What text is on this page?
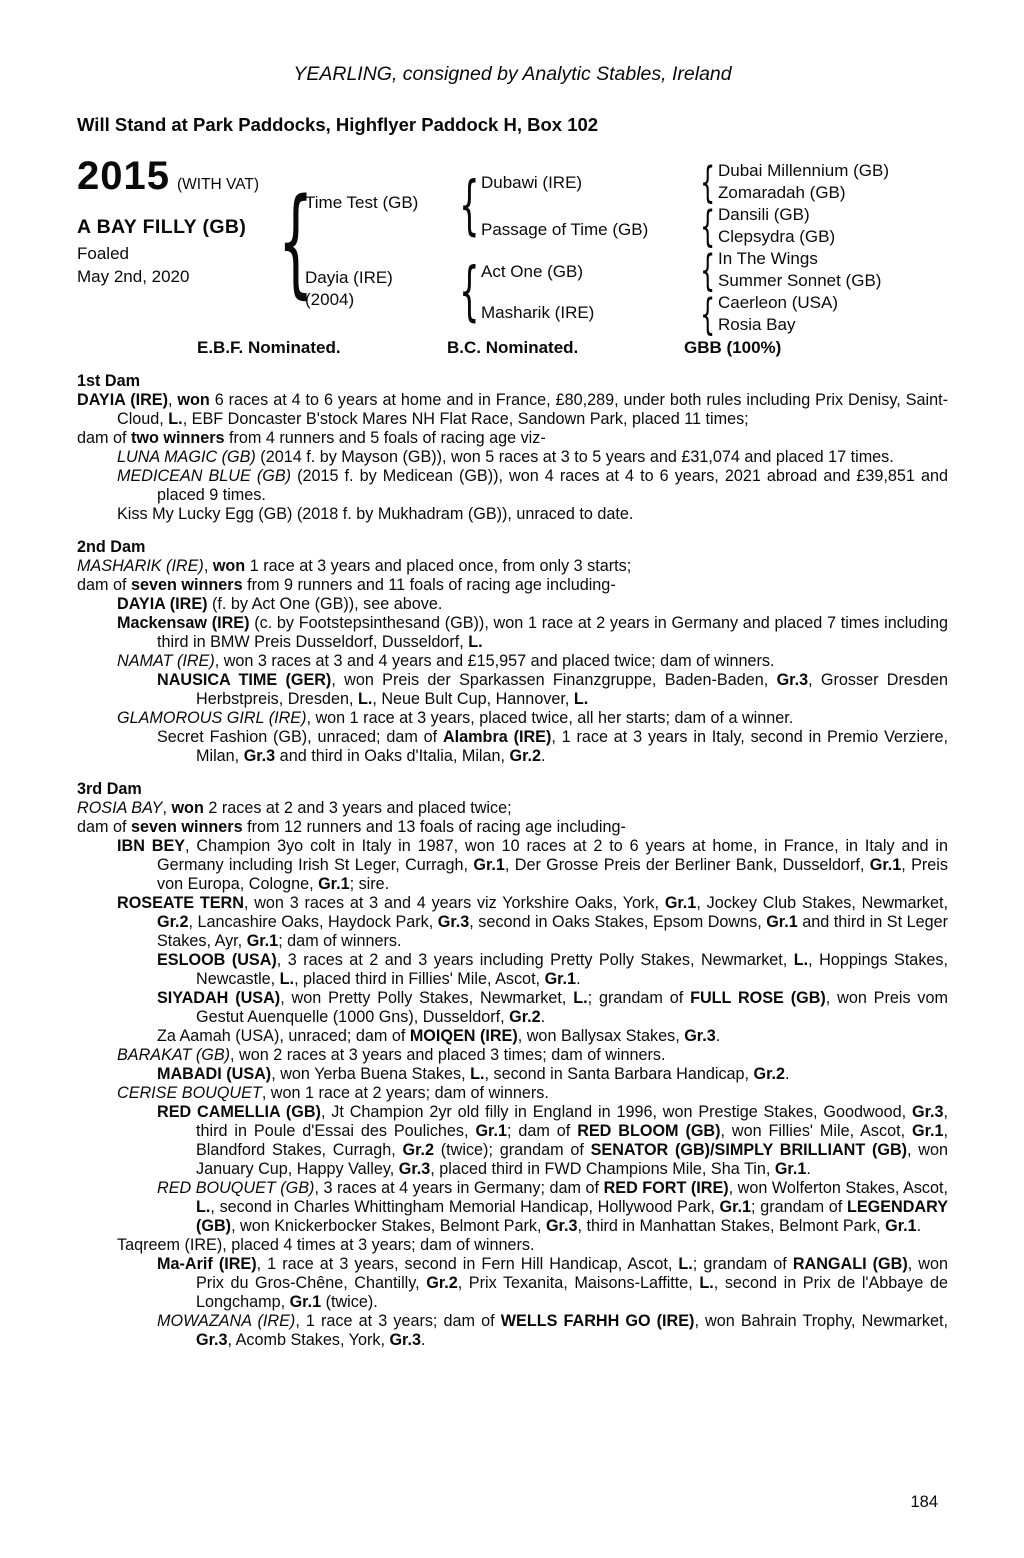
YEARLING, consigned by Analytic Stables, Ireland
Will Stand at Park Paddocks, Highflyer Paddock H, Box 102
2015 (WITH VAT)
A BAY FILLY (GB)
Foaled
May 2nd, 2020 {
Time Test (GB)
Dayia (IRE)
(2004)
{
{
Dubawi (IRE)
Passage of Time (GB)
Act One (GB)
Masharik (IRE)
{
{
{
{
Dubai Millennium (GB)
Zomaradah (GB)
Dansili (GB)
Clepsydra (GB)
In The Wings
Summer Sonnet (GB)
Caerleon (USA)
Rosia Bay
E.B.F. Nominated.	B.C. Nominated.	GBB (100%)
1st Dam
DAYIA (IRE), won 6 races at 4 to 6 years at home and in France, £80,289, under both rules including Prix Denisy, Saint-Cloud, L., EBF Doncaster B'stock Mares NH Flat Race, Sandown Park, placed 11 times;
dam of two winners from 4 runners and 5 foals of racing age viz-
LUNA MAGIC (GB) (2014 f. by Mayson (GB)), won 5 races at 3 to 5 years and £31,074 and placed 17 times.
MEDICEAN BLUE (GB) (2015 f. by Medicean (GB)), won 4 races at 4 to 6 years, 2021 abroad and £39,851 and placed 9 times.
Kiss My Lucky Egg (GB) (2018 f. by Mukhadram (GB)), unraced to date.
2nd Dam
MASHARIK (IRE), won 1 race at 3 years and placed once, from only 3 starts;
dam of seven winners from 9 runners and 11 foals of racing age including-
DAYIA (IRE) (f. by Act One (GB)), see above.
Mackensaw (IRE) (c. by Footstepsinthesand (GB)), won 1 race at 2 years in Germany and placed 7 times including third in BMW Preis Dusseldorf, Dusseldorf, L.
NAMAT (IRE), won 3 races at 3 and 4 years and £15,957 and placed twice; dam of winners.
NAUSICA TIME (GER), won Preis der Sparkassen Finanzgruppe, Baden-Baden, Gr.3, Grosser Dresden Herbstpreis, Dresden, L., Neue Bult Cup, Hannover, L.
GLAMOROUS GIRL (IRE), won 1 race at 3 years, placed twice, all her starts; dam of a winner.
Secret Fashion (GB), unraced; dam of Alambra (IRE), 1 race at 3 years in Italy, second in Premio Verziere, Milan, Gr.3 and third in Oaks d'Italia, Milan, Gr.2.
3rd Dam
ROSIA BAY, won 2 races at 2 and 3 years and placed twice;
dam of seven winners from 12 runners and 13 foals of racing age including-
IBN BEY, Champion 3yo colt in Italy in 1987, won 10 races at 2 to 6 years at home, in France, in Italy and in Germany including Irish St Leger, Curragh, Gr.1, Der Grosse Preis der Berliner Bank, Dusseldorf, Gr.1, Preis von Europa, Cologne, Gr.1; sire.
ROSEATE TERN, won 3 races at 3 and 4 years viz Yorkshire Oaks, York, Gr.1, Jockey Club Stakes, Newmarket, Gr.2, Lancashire Oaks, Haydock Park, Gr.3, second in Oaks Stakes, Epsom Downs, Gr.1 and third in St Leger Stakes, Ayr, Gr.1; dam of winners.
ESLOOB (USA), 3 races at 2 and 3 years including Pretty Polly Stakes, Newmarket, L., Hoppings Stakes, Newcastle, L., placed third in Fillies' Mile, Ascot, Gr.1.
SIYADAH (USA), won Pretty Polly Stakes, Newmarket, L.; grandam of FULL ROSE (GB), won Preis vom Gestut Auenquelle (1000 Gns), Dusseldorf, Gr.2.
Za Aamah (USA), unraced; dam of MOIQEN (IRE), won Ballysax Stakes, Gr.3.
BARAKAT (GB), won 2 races at 3 years and placed 3 times; dam of winners.
MABADI (USA), won Yerba Buena Stakes, L., second in Santa Barbara Handicap, Gr.2.
CERISE BOUQUET, won 1 race at 2 years; dam of winners.
RED CAMELLIA (GB), Jt Champion 2yr old filly in England in 1996, won Prestige Stakes, Goodwood, Gr.3, third in Poule d'Essai des Pouliches, Gr.1; dam of RED BLOOM (GB), won Fillies' Mile, Ascot, Gr.1, Blandford Stakes, Curragh, Gr.2 (twice); grandam of SENATOR (GB)/SIMPLY BRILLIANT (GB), won January Cup, Happy Valley, Gr.3, placed third in FWD Champions Mile, Sha Tin, Gr.1.
RED BOUQUET (GB), 3 races at 4 years in Germany; dam of RED FORT (IRE), won Wolferton Stakes, Ascot, L., second in Charles Whittingham Memorial Handicap, Hollywood Park, Gr.1; grandam of LEGENDARY (GB), won Knickerbocker Stakes, Belmont Park, Gr.3, third in Manhattan Stakes, Belmont Park, Gr.1.
Taqreem (IRE), placed 4 times at 3 years; dam of winners.
Ma-Arif (IRE), 1 race at 3 years, second in Fern Hill Handicap, Ascot, L.; grandam of RANGALI (GB), won Prix du Gros-Chêne, Chantilly, Gr.2, Prix Texanita, Maisons-Laffitte, L., second in Prix de l'Abbaye de Longchamp, Gr.1 (twice).
MOWAZANA (IRE), 1 race at 3 years; dam of WELLS FARHH GO (IRE), won Bahrain Trophy, Newmarket, Gr.3, Acomb Stakes, York, Gr.3.
184
